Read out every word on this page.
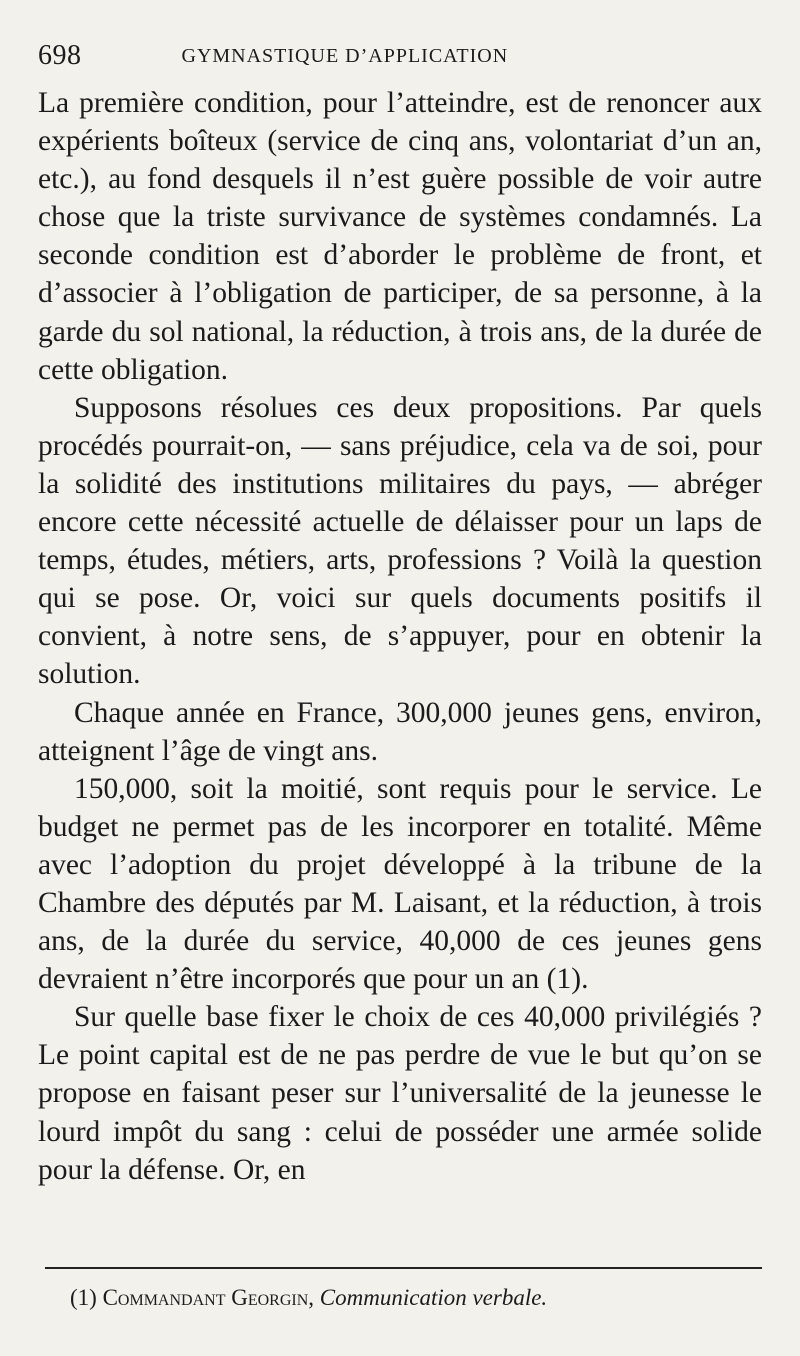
698	GYMNASTIQUE D’APPLICATION

La première condition, pour l’atteindre, est de renoncer aux expérients boîteux (service de cinq ans, volontariat d’un an, etc.), au fond desquels il n’est guère possible de voir autre chose que la triste survivance de systèmes condamnés. La seconde condition est d’aborder le problème de front, et d’associer à l’obligation de participer, de sa personne, à la garde du sol national, la réduction, à trois ans, de la durée de cette obligation.

Supposons résolues ces deux propositions. Par quels procédés pourrait-on, — sans préjudice, cela va de soi, pour la solidité des institutions militaires du pays, — abréger encore cette nécessité actuelle de délaisser pour un laps de temps, études, métiers, arts, professions ? Voilà la question qui se pose. Or, voici sur quels documents positifs il convient, à notre sens, de s’appuyer, pour en obtenir la solution.

Chaque année en France, 300,000 jeunes gens, environ, atteignent l’âge de vingt ans.

150,000, soit la moitié, sont requis pour le service. Le budget ne permet pas de les incorporer en totalité. Même avec l’adoption du projet développé à la tribune de la Chambre des députés par M. Laisant, et la réduction, à trois ans, de la durée du service, 40,000 de ces jeunes gens devraient n’être incorporés que pour un an (1).

Sur quelle base fixer le choix de ces 40,000 privilégiés ? Le point capital est de ne pas perdre de vue le but qu’on se propose en faisant peser sur l’universalité de la jeunesse le lourd impôt du sang : celui de posséder une armée solide pour la défense. Or, en

(1) Commandant Georgin, Communication verbale.
